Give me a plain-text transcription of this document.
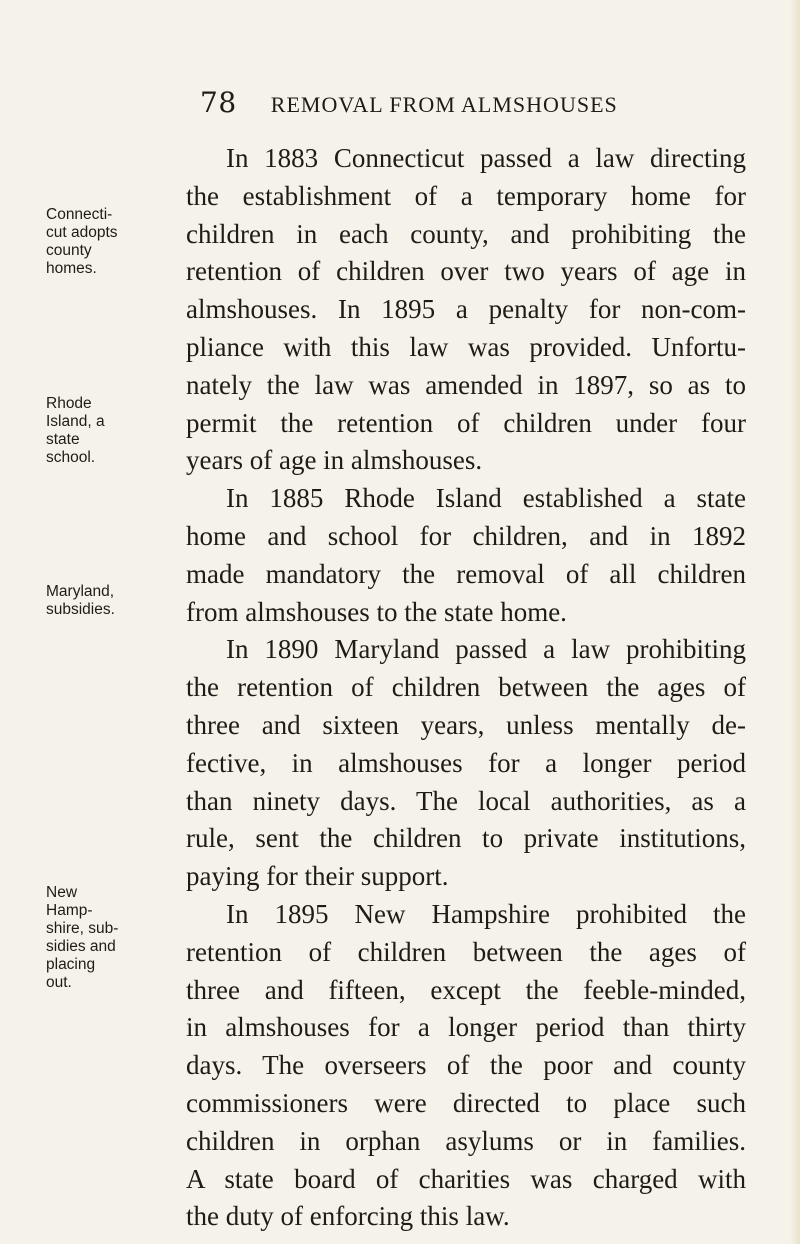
78 REMOVAL FROM ALMSHOUSES
Connecti-
cut adopts
county
homes.
Rhode
Island, a
state
school.
Maryland,
subsidies.
New
Hamp-
shire, sub-
sidies and
placing
out.
In 1883 Connecticut passed a law directing
the establishment of a temporary home for
children in each county, and prohibiting the
retention of children over two years of age in
almshouses. In 1895 a penalty for non-com-
pliance with this law was provided. Unfortu-
nately the law was amended in 1897, so as to
permit the retention of children under four
years of age in almshouses.
In 1885 Rhode Island established a state
home and school for children, and in 1892
made mandatory the removal of all children
from almshouses to the state home.
In 1890 Maryland passed a law prohibiting
the retention of children between the ages of
three and sixteen years, unless mentally de-
fective, in almshouses for a longer period
than ninety days. The local authorities, as a
rule, sent the children to private institutions,
paying for their support.
In 1895 New Hampshire prohibited the
retention of children between the ages of
three and fifteen, except the feeble-minded,
in almshouses for a longer period than thirty
days. The overseers of the poor and county
commissioners were directed to place such
children in orphan asylums or in families.
A state board of charities was charged with
the duty of enforcing this law.
